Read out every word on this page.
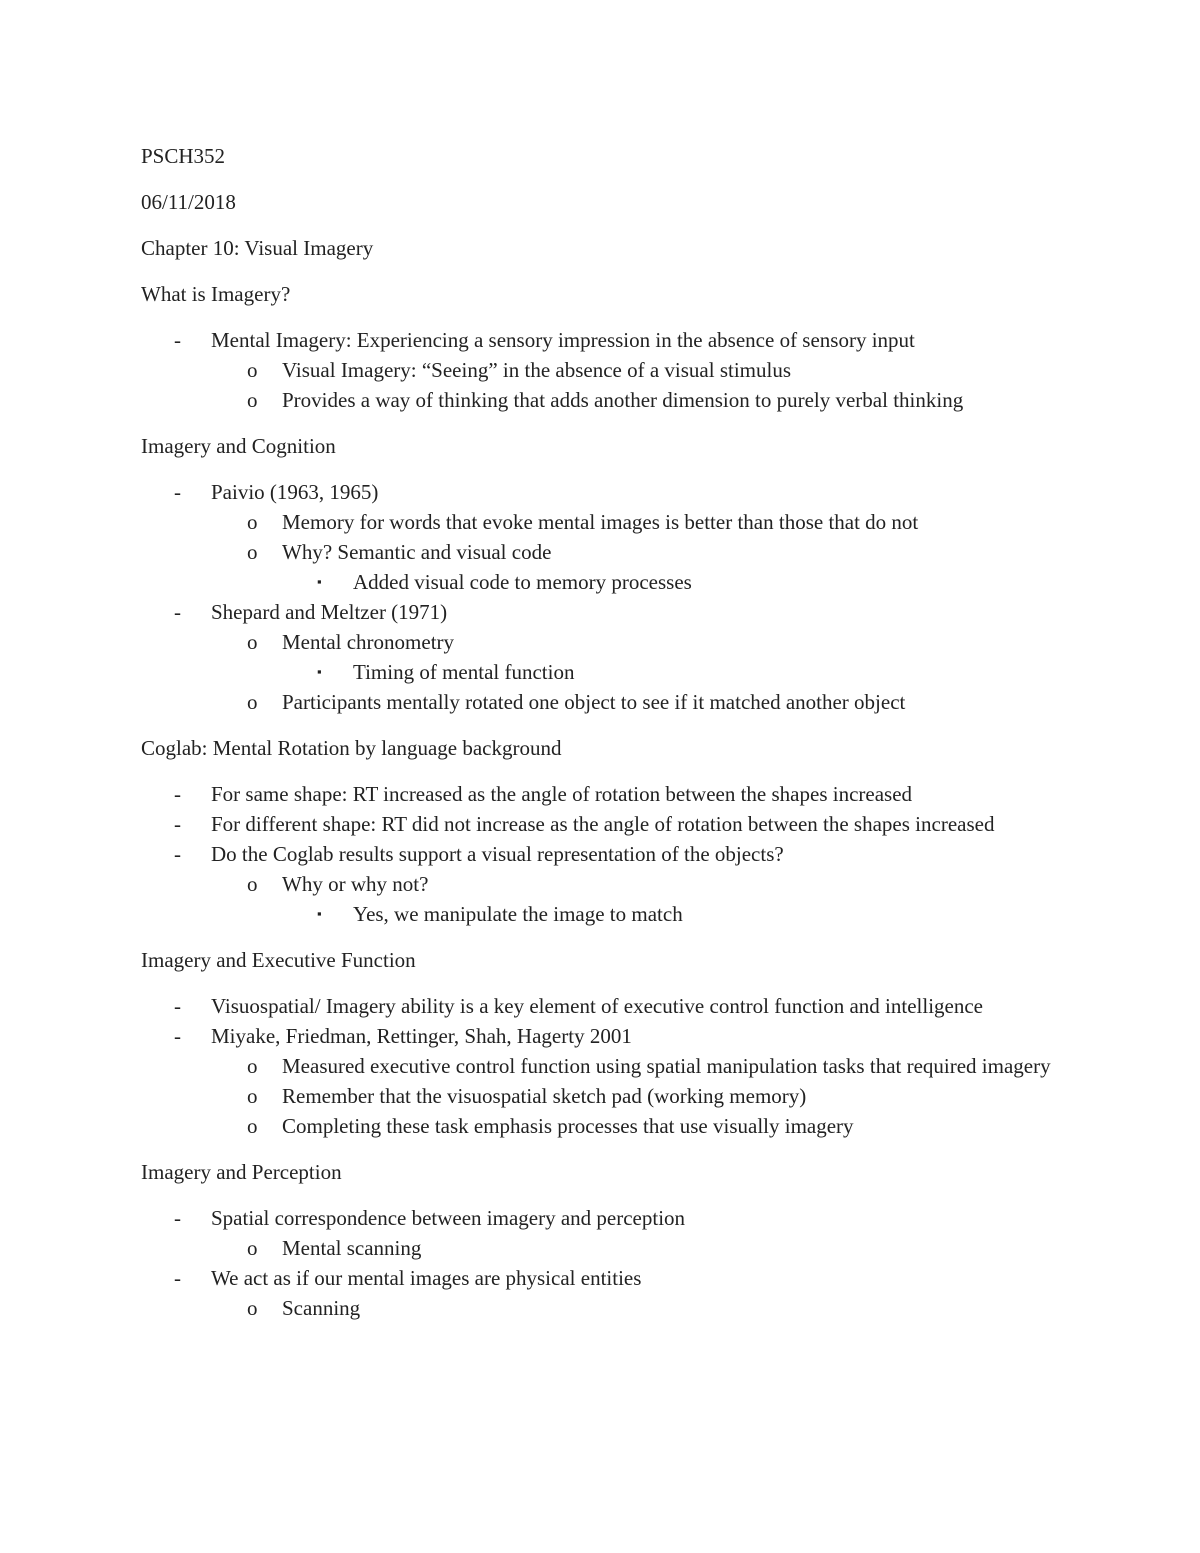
PSCH352

06/11/2018

Chapter 10: Visual Imagery

What is Imagery?

-	Mental Imagery: Experiencing a sensory impression in the absence of sensory input
o	Visual Imagery: “Seeing” in the absence of a visual stimulus
o	Provides a way of thinking that adds another dimension to purely verbal thinking

Imagery and Cognition

-	Paivio (1963, 1965)
o	Memory for words that evoke mental images is better than those that do not
o	Why? Semantic and visual code
▪	Added visual code to memory processes
-	Shepard and Meltzer (1971)
o	Mental chronometry
▪	Timing of mental function
o	Participants mentally rotated one object to see if it matched another object

Coglab: Mental Rotation by language background

-	For same shape: RT increased as the angle of rotation between the shapes increased
-	For different shape: RT did not increase as the angle of rotation between the shapes increased
-	Do the Coglab results support a visual representation of the objects?
o	Why or why not?
▪	Yes, we manipulate the image to match

Imagery and Executive Function

-	Visuospatial/ Imagery ability is a key element of executive control function and intelligence
-	Miyake, Friedman, Rettinger, Shah, Hagerty 2001
o	Measured executive control function using spatial manipulation tasks that required imagery
o	Remember that the visuospatial sketch pad (working memory)
o	Completing these task emphasis processes that use visually imagery

Imagery and Perception

-	Spatial correspondence between imagery and perception
o	Mental scanning
-	We act as if our mental images are physical entities
o	Scanning
